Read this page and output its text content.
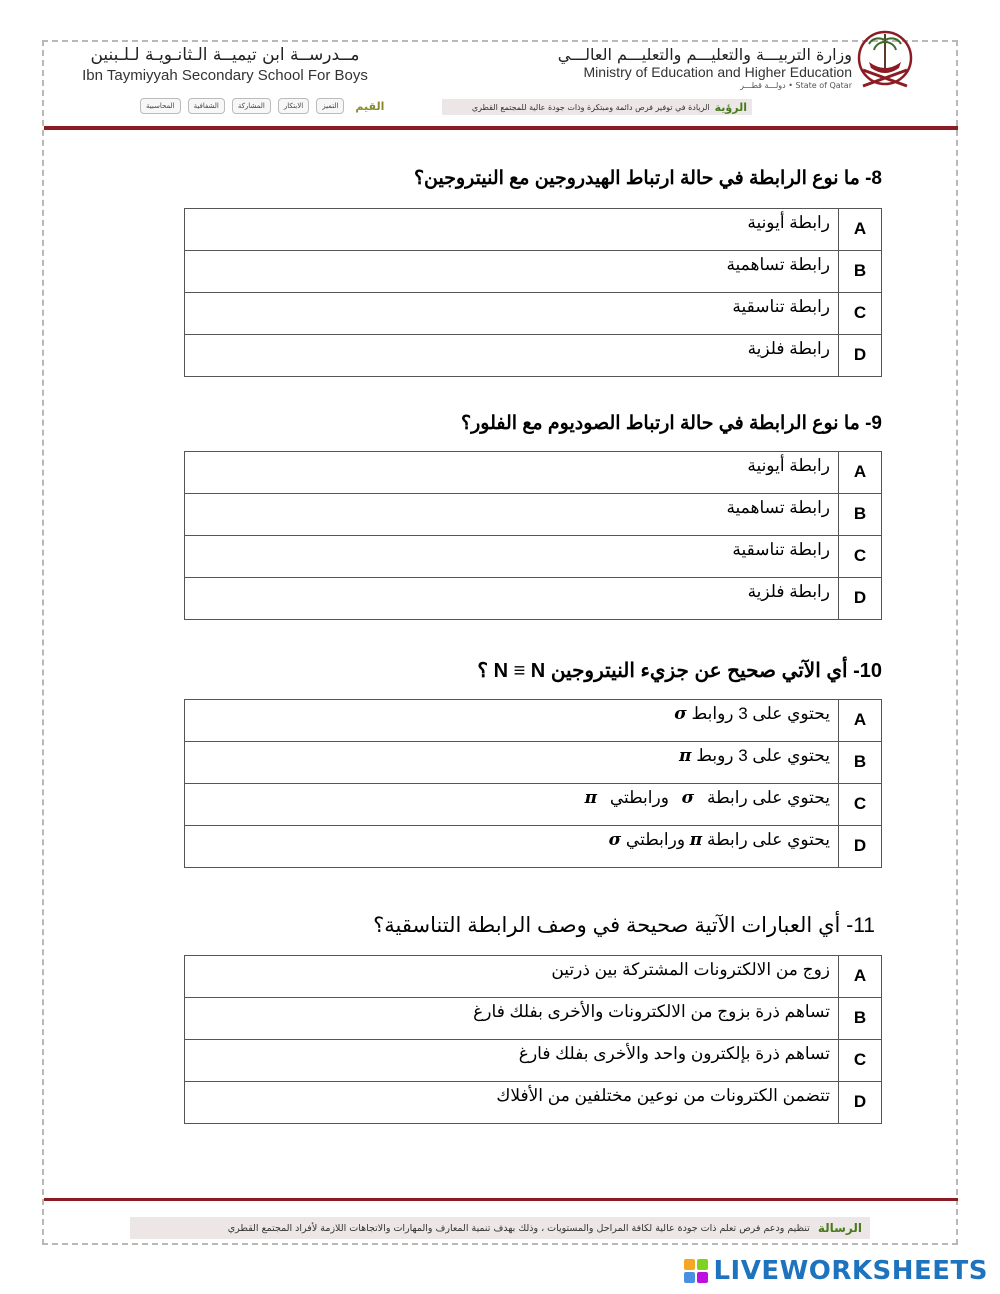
مــدرســة ابن تيميــة الـثانـويـة لـلـبنين
Ibn Taymiyyah Secondary School For Boys
وزارة التربيـــة والتعليـــم والتعليـــم العالـــي
Ministry of Education and Higher Education
State of Qatar • دولـــة قطـــر
المحاسبية	الشفافية	المشاركة	الابتكار	التميز	القيم	الرؤية
الريادة في توفير فرص دائمة ومبتكرة وذات جودة عالية للمجتمع القطري
8- ما نوع الرابطة في حالة ارتباط الهيدروجين مع النيتروجين؟
A	رابطة أيونية
B	رابطة تساهمية
C	رابطة تناسقية
D	رابطة فلزية
9- ما نوع الرابطة في حالة ارتباط الصوديوم مع الفلور؟
A	رابطة أيونية
B	رابطة تساهمية
C	رابطة تناسقية
D	رابطة فلزية
10- أي الآتي صحيح عن جزيء النيتروجين N ≡ N ؟
A	يحتوي على 3 روابط σ
B	يحتوي على 3 روبط π
C	يحتوي على رابطة σ ورابطتي π
D	يحتوي على رابطة π ورابطتي σ
11- أي العبارات الآتية صحيحة في وصف الرابطة التناسقية؟
A	زوج من الالكترونات المشتركة بين ذرتين
B	تساهم ذرة بزوج من الالكترونات والأخرى بفلك فارغ
C	تساهم ذرة بإلكترون واحد والأخرى بفلك فارغ
D	تتضمن الكترونات من نوعين مختلفين من الأفلاك
الرسالة
تنظيم ودعم فرص تعلم ذات جودة عالية لكافة المراحل والمستويات ، وذلك بهدف تنمية المعارف والمهارات والاتجاهات اللازمة لأفراد المجتمع القطري
LIVEWORKSHEETS
